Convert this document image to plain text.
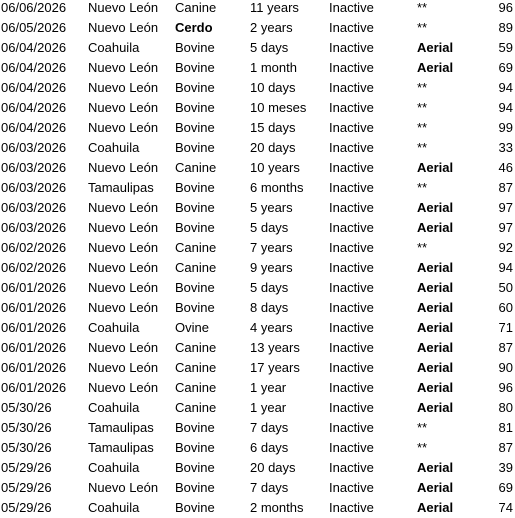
06/06/2026	Nuevo León	Canine	11 years	Inactive	**	96
06/05/2026	Nuevo León	Cerdo	2 years	Inactive	**	89
06/04/2026	Coahuila	Bovine	5 days	Inactive	Aerial	59
06/04/2026	Nuevo León	Bovine	1 month	Inactive	Aerial	69
06/04/2026	Nuevo León	Bovine	10 days	Inactive	**	94
06/04/2026	Nuevo León	Bovine	10 meses	Inactive	**	94
06/04/2026	Nuevo León	Bovine	15 days	Inactive	**	99
06/03/2026	Coahuila	Bovine	20 days	Inactive	**	33
06/03/2026	Nuevo León	Canine	10 years	Inactive	Aerial	46
06/03/2026	Tamaulipas	Bovine	6 months	Inactive	**	87
06/03/2026	Nuevo León	Bovine	5 years	Inactive	Aerial	97
06/03/2026	Nuevo León	Bovine	5 days	Inactive	Aerial	97
06/02/2026	Nuevo León	Canine	7 years	Inactive	**	92
06/02/2026	Nuevo León	Canine	9 years	Inactive	Aerial	94
06/01/2026	Nuevo León	Bovine	5 days	Inactive	Aerial	50
06/01/2026	Nuevo León	Bovine	8 days	Inactive	Aerial	60
06/01/2026	Coahuila	Ovine	4 years	Inactive	Aerial	71
06/01/2026	Nuevo León	Canine	13 years	Inactive	Aerial	87
06/01/2026	Nuevo León	Canine	17 years	Inactive	Aerial	90
06/01/2026	Nuevo León	Canine	1 year	Inactive	Aerial	96
05/30/26	Coahuila	Canine	1 year	Inactive	Aerial	80
05/30/26	Tamaulipas	Bovine	7 days	Inactive	**	81
05/30/26	Tamaulipas	Bovine	6 days	Inactive	**	87
05/29/26	Coahuila	Bovine	20 days	Inactive	Aerial	39
05/29/26	Nuevo León	Bovine	7 days	Inactive	Aerial	69
05/29/26	Coahuila	Bovine	2 months	Inactive	Aerial	74
